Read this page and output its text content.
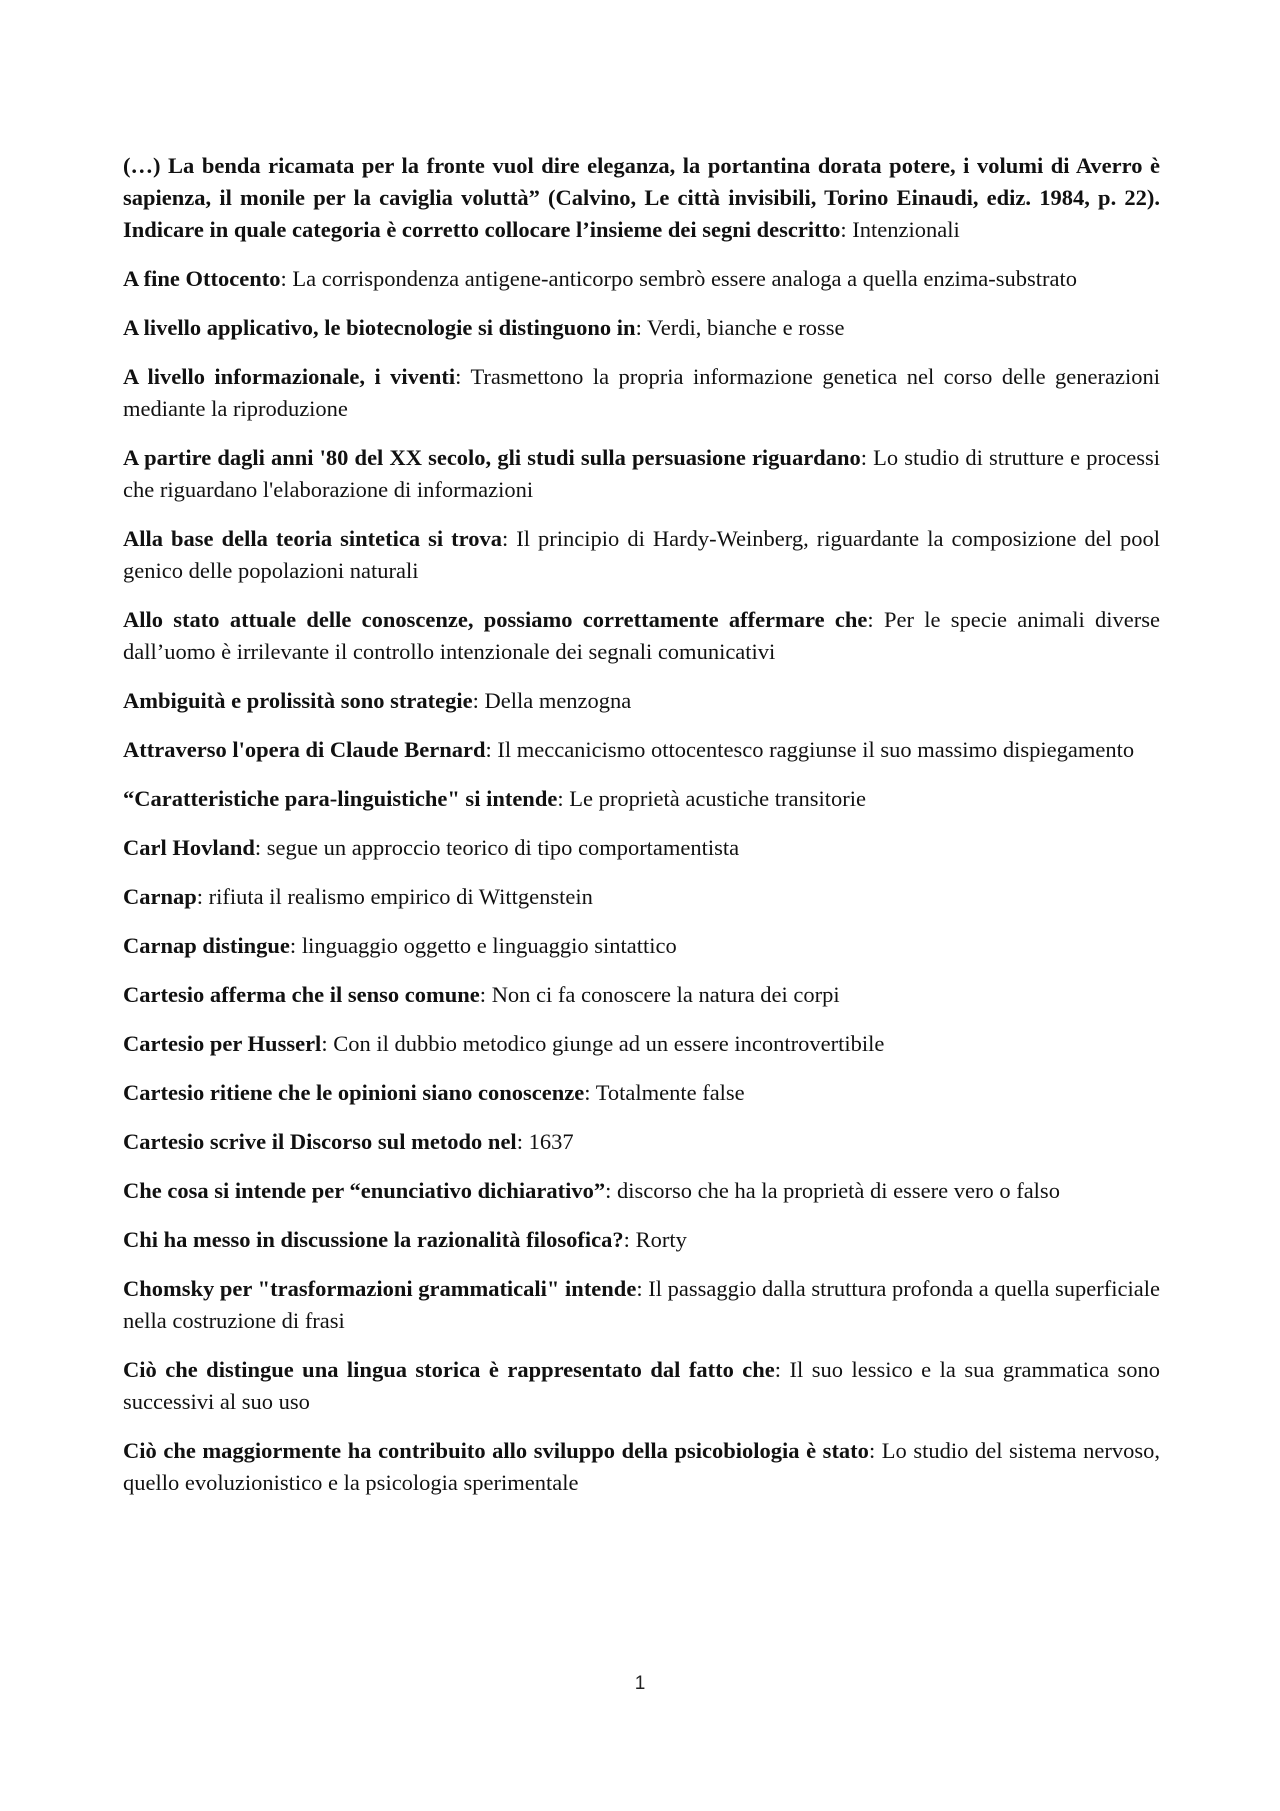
(…) La benda ricamata per la fronte vuol dire eleganza, la portantina dorata potere, i volumi di Averro è sapienza, il monile per la caviglia voluttà” (Calvino, Le città invisibili, Torino Einaudi, ediz. 1984, p. 22). Indicare in quale categoria è corretto collocare l’insieme dei segni descritto: Intenzionali

A fine Ottocento: La corrispondenza antigene-anticorpo sembrò essere analoga a quella enzima-substrato

A livello applicativo, le biotecnologie si distinguono in: Verdi, bianche e rosse

A livello informazionale, i viventi: Trasmettono la propria informazione genetica nel corso delle generazioni mediante la riproduzione

A partire dagli anni '80 del XX secolo, gli studi sulla persuasione riguardano: Lo studio di strutture e processi che riguardano l'elaborazione di informazioni

Alla base della teoria sintetica si trova: Il principio di Hardy-Weinberg, riguardante la composizione del pool genico delle popolazioni naturali

Allo stato attuale delle conoscenze, possiamo correttamente affermare che: Per le specie animali diverse dall’uomo è irrilevante il controllo intenzionale dei segnali comunicativi

Ambiguità e prolissità sono strategie: Della menzogna

Attraverso l'opera di Claude Bernard: Il meccanicismo ottocentesco raggiunse il suo massimo dispiegamento

“Caratteristiche para-linguistiche" si intende: Le proprietà acustiche transitorie

Carl Hovland: segue un approccio teorico di tipo comportamentista

Carnap: rifiuta il realismo empirico di Wittgenstein

Carnap distingue: linguaggio oggetto e linguaggio sintattico

Cartesio afferma che il senso comune: Non ci fa conoscere la natura dei corpi

Cartesio per Husserl: Con il dubbio metodico giunge ad un essere incontrovertibile

Cartesio ritiene che le opinioni siano conoscenze: Totalmente false

Cartesio scrive il Discorso sul metodo nel: 1637

Che cosa si intende per “enunciativo dichiarativo”: discorso che ha la proprietà di essere vero o falso

Chi ha messo in discussione la razionalità filosofica?: Rorty

Chomsky per "trasformazioni grammaticali" intende: Il passaggio dalla struttura profonda a quella superficiale nella costruzione di frasi

Ciò che distingue una lingua storica è rappresentato dal fatto che: Il suo lessico e la sua grammatica sono successivi al suo uso

Ciò che maggiormente ha contribuito allo sviluppo della psicobiologia è stato: Lo studio del sistema nervoso, quello evoluzionistico e la psicologia sperimentale

1
